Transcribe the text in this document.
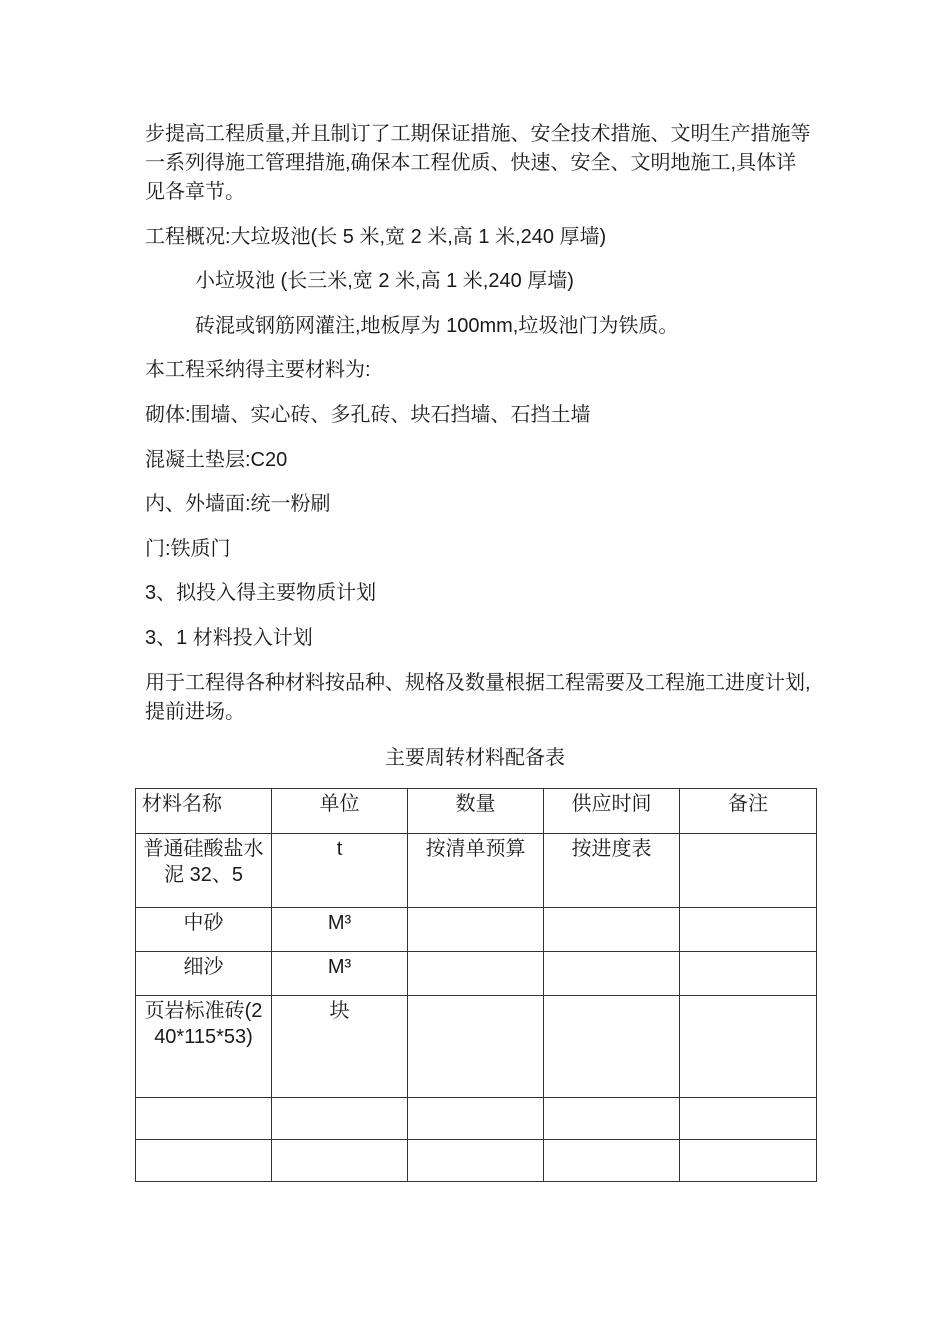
步提高工程质量,并且制订了工期保证措施、安全技术措施、文明生产措施等一系列得施工管理措施,确保本工程优质、快速、安全、文明地施工,具体详见各章节。

工程概况:大垃圾池(长 5 米,宽 2 米,高 1 米,240 厚墙)

小垃圾池 (长三米,宽 2 米,高 1 米,240 厚墙)

砖混或钢筋网灌注,地板厚为 100mm,垃圾池门为铁质。

本工程采纳得主要材料为:

砌体:围墙、实心砖、多孔砖、块石挡墙、石挡土墙

混凝土垫层:C20

内、外墙面:统一粉刷

门:铁质门

3、拟投入得主要物质计划

3、1 材料投入计划

用于工程得各种材料按品种、规格及数量根据工程需要及工程施工进度计划,提前进场。

主要周转材料配备表
材料名称	单位	数量	供应时间	备注
普通硅酸盐水泥 32、5	t	按清单预算	按进度表	
中砂	M³			
细沙	M³			
页岩标准砖(240*115*53)	块			
